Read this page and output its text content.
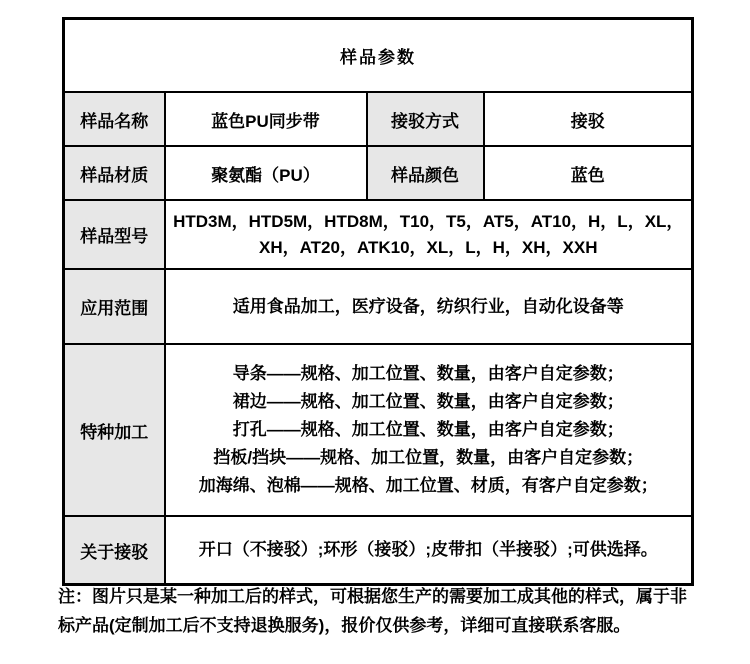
样品参数			
样品名称	蓝色PU同步带	接驳方式	接驳
样品材质	聚氨酯（PU）	样品颜色	蓝色
样品型号	HTD3M，HTD5M，HTD8M，T10，T5，AT5，AT10，H，L，XL，XH，AT20，ATK10，XL，L，H，XH，XXH		
应用范围	适用食品加工，医疗设备，纺织行业，自动化设备等		
特种加工	导条——规格、加工位置、数量，由客户自定参数；
裙边——规格、加工位置、数量，由客户自定参数；
打孔——规格、加工位置、数量，由客户自定参数；
挡板/挡块——规格、加工位置，数量，由客户自定参数；
加海绵、泡棉——规格、加工位置、材质，有客户自定参数；		

关于接驳	开口（不接驳）;环形（接驳）;皮带扣（半接驳）;可供选择。		
注：图片只是某一种加工后的样式，可根据您生产的需要加工成其他的样式，属于非标产品(定制加工后不支持退换服务)，报价仅供参考，详细可直接联系客服。
